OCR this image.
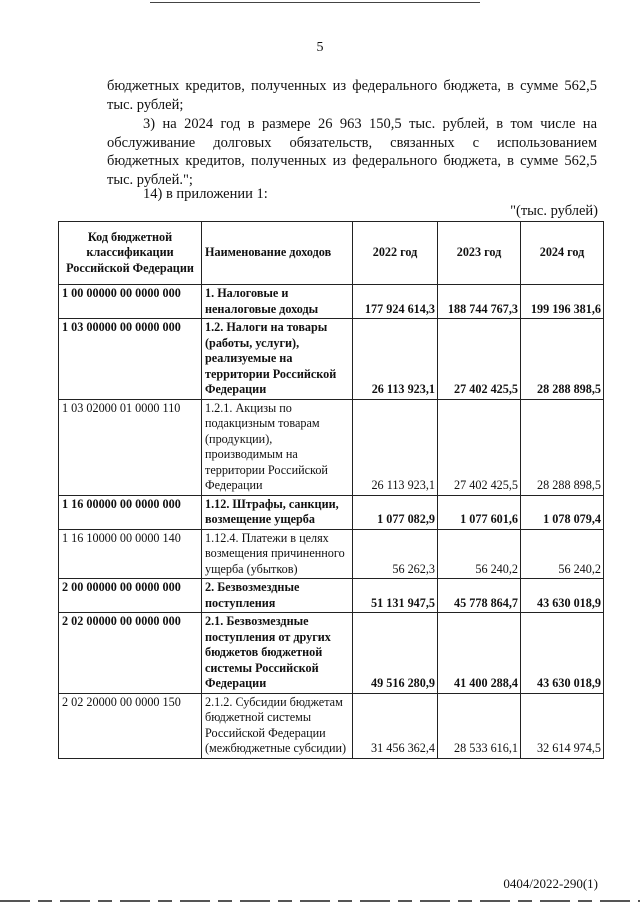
5
бюджетных кредитов, полученных из федерального бюджета, в сумме 562,5 тыс. рублей;
3) на 2024 год в размере 26 963 150,5 тыс. рублей, в том числе на обслуживание долговых обязательств, связанных с использованием бюджетных кредитов, полученных из федерального бюджета, в сумме 562,5 тыс. рублей.";
14) в приложении 1:
"(тыс. рублей)
Код бюджетной классификации Российской Федерации	Наименование доходов	2022 год	2023 год	2024 год
1 00 00000 00 0000 000	1. Налоговые и неналоговые доходы	177 924 614,3	188 744 767,3	199 196 381,6
1 03 00000 00 0000 000	1.2. Налоги на товары (работы, услуги), реализуемые на территории Российской Федерации	26 113 923,1	27 402 425,5	28 288 898,5
1 03 02000 01 0000 110	1.2.1. Акцизы по подакцизным товарам (продукции), производимым на территории Российской Федерации	26 113 923,1	27 402 425,5	28 288 898,5
1 16 00000 00 0000 000	1.12. Штрафы, санкции, возмещение ущерба	1 077 082,9	1 077 601,6	1 078 079,4
1 16 10000 00 0000 140	1.12.4. Платежи в целях возмещения причиненного ущерба (убытков)	56 262,3	56 240,2	56 240,2
2 00 00000 00 0000 000	2. Безвозмездные поступления	51 131 947,5	45 778 864,7	43 630 018,9
2 02 00000 00 0000 000	2.1. Безвозмездные поступления от других бюджетов бюджетной системы Российской Федерации	49 516 280,9	41 400 288,4	43 630 018,9
2 02 20000 00 0000 150	2.1.2. Субсидии бюджетам бюджетной системы Российской Федерации (межбюджетные субсидии)	31 456 362,4	28 533 616,1	32 614 974,5
0404/2022-290(1)
